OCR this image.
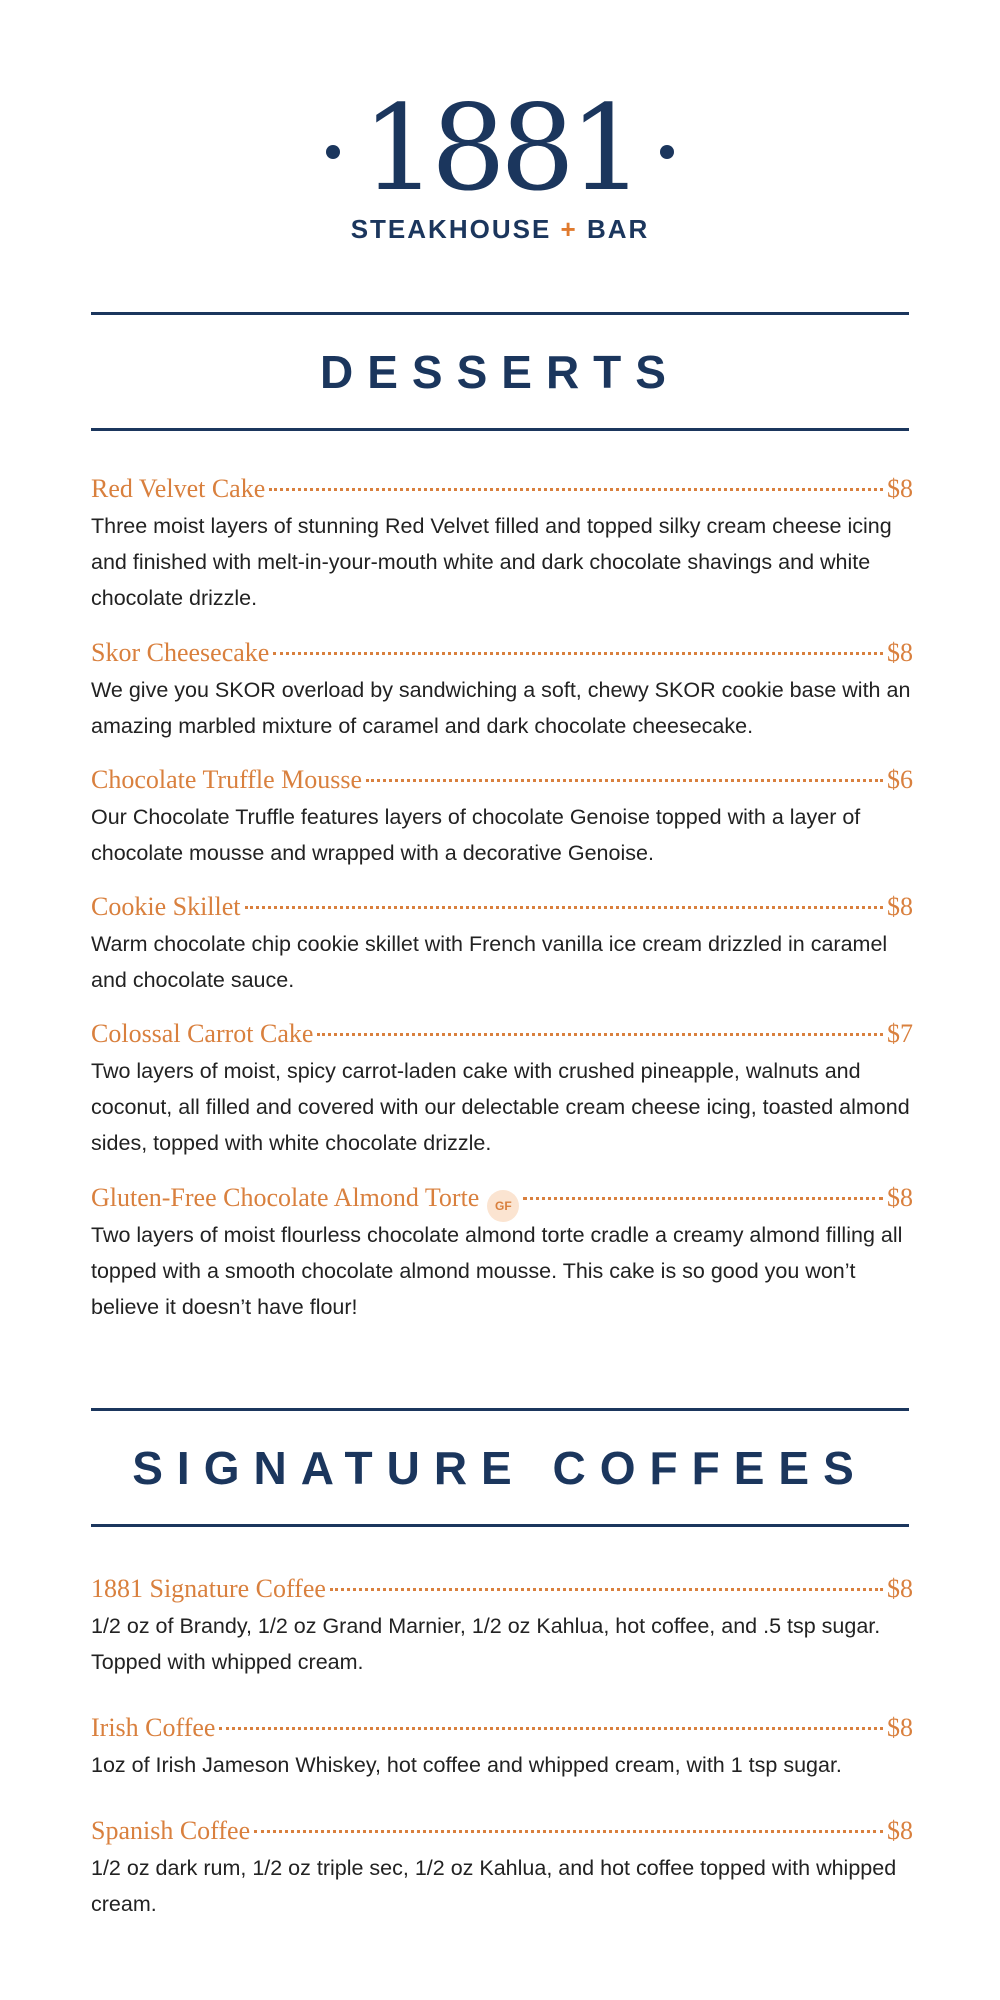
1881
STEAKHOUSE + BAR
DESSERTS
Red Velvet Cake	$8
Three moist layers of stunning Red Velvet filled and topped silky cream cheese icing and finished with melt-in-your-mouth white and dark chocolate shavings and white chocolate drizzle.
Skor Cheesecake	$8
We give you SKOR overload by sandwiching a soft, chewy SKOR cookie base with an amazing marbled mixture of caramel and dark chocolate cheesecake.
Chocolate Truffle Mousse	$6
Our Chocolate Truffle features layers of chocolate Genoise topped with a layer of chocolate mousse and wrapped with a decorative Genoise.
Cookie Skillet	$8
Warm chocolate chip cookie skillet with French vanilla ice cream drizzled in caramel and chocolate sauce.
Colossal Carrot Cake	$7
Two layers of moist, spicy carrot-laden cake with crushed pineapple, walnuts and coconut, all filled and covered with our delectable cream cheese icing, toasted almond sides, topped with white chocolate drizzle.
Gluten-Free Chocolate Almond Torte	GF	$8
Two layers of moist flourless chocolate almond torte cradle a creamy almond filling all topped with a smooth chocolate almond mousse. This cake is so good you won’t believe it doesn’t have flour!
SIGNATURE COFFEES
1881 Signature Coffee	$8
1/2 oz of Brandy, 1/2 oz Grand Marnier, 1/2 oz Kahlua, hot coffee, and .5 tsp sugar. Topped with whipped cream.
Irish Coffee	$8
1oz of Irish Jameson Whiskey, hot coffee and whipped cream, with 1 tsp sugar.
Spanish Coffee	$8
1/2 oz dark rum, 1/2 oz triple sec, 1/2 oz Kahlua, and hot coffee topped with whipped cream.
